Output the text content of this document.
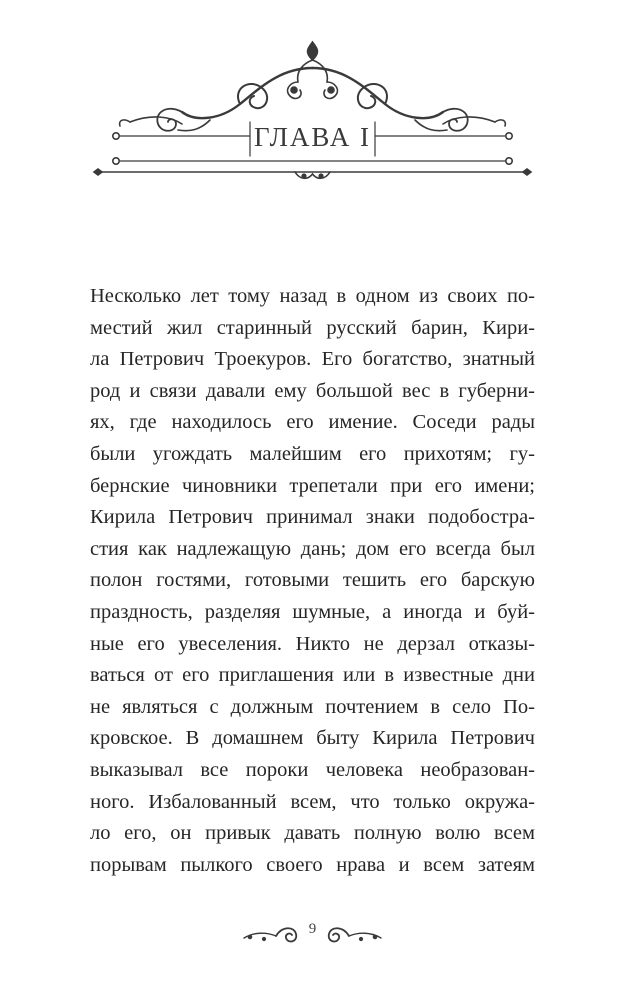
ГЛАВА I
Несколько лет тому назад в одном из своих по-
местий жил старинный русский барин, Кири-
ла Петрович Троекуров. Его богатство, знатный
род и связи давали ему большой вес в губерни-
ях, где находилось его имение. Соседи рады
были угождать малейшим его прихотям; гу-
бернские чиновники трепетали при его имени;
Кирила Петрович принимал знаки подобостра-
стия как надлежащую дань; дом его всегда был
полон гостями, готовыми тешить его барскую
праздность, разделяя шумные, а иногда и буй-
ные его увеселения. Никто не дерзал отказы-
ваться от его приглашения или в известные дни
не являться с должным почтением в село По-
кровское. В домашнем быту Кирила Петрович
выказывал все пороки человека необразован-
ного. Избалованный всем, что только окружа-
ло его, он привык давать полную волю всем
порывам пылкого своего нрава и всем затеям
9
